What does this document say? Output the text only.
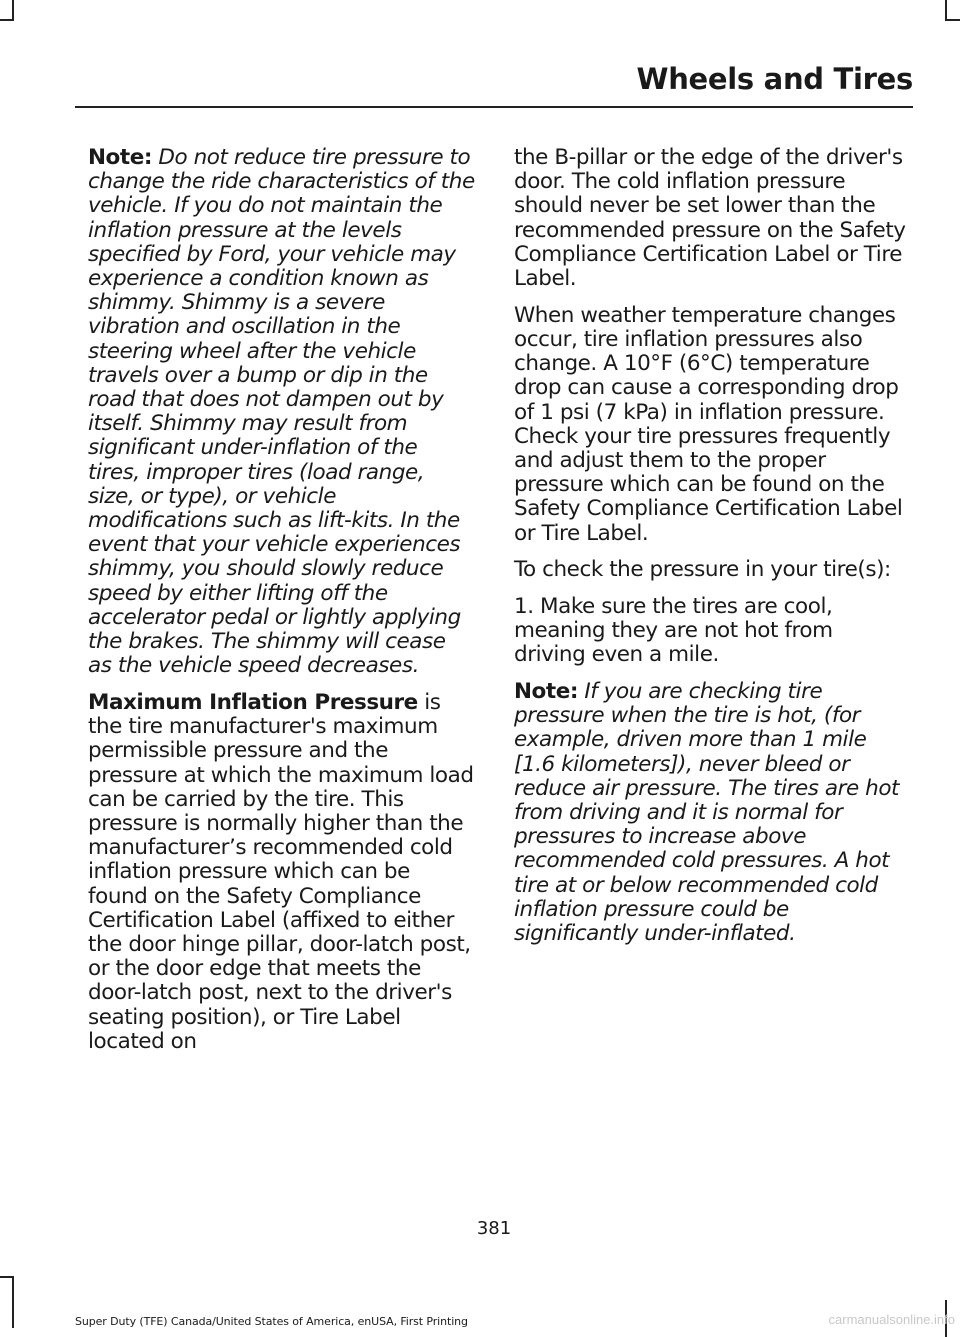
Wheels and Tires

Note: Do not reduce tire pressure to change the ride characteristics of the vehicle. If you do not maintain the inflation pressure at the levels specified by Ford, your vehicle may experience a condition known as shimmy. Shimmy is a severe vibration and oscillation in the steering wheel after the vehicle travels over a bump or dip in the road that does not dampen out by itself. Shimmy may result from significant under-inflation of the tires, improper tires (load range, size, or type), or vehicle modifications such as lift-kits. In the event that your vehicle experiences shimmy, you should slowly reduce speed by either lifting off the accelerator pedal or lightly applying the brakes. The shimmy will cease as the vehicle speed decreases.

Maximum Inflation Pressure is the tire manufacturer's maximum permissible pressure and the pressure at which the maximum load can be carried by the tire. This pressure is normally higher than the manufacturer’s recommended cold inflation pressure which can be found on the Safety Compliance Certification Label (affixed to either the door hinge pillar, door-latch post, or the door edge that meets the door-latch post, next to the driver's seating position), or Tire Label located on

the B-pillar or the edge of the driver's door. The cold inflation pressure should never be set lower than the recommended pressure on the Safety Compliance Certification Label or Tire Label.

When weather temperature changes occur, tire inflation pressures also change. A 10°F (6°C) temperature drop can cause a corresponding drop of 1 psi (7 kPa) in inflation pressure. Check your tire pressures frequently and adjust them to the proper pressure which can be found on the Safety Compliance Certification Label or Tire Label.

To check the pressure in your tire(s):

1. Make sure the tires are cool, meaning they are not hot from driving even a mile.

Note: If you are checking tire pressure when the tire is hot, (for example, driven more than 1 mile [1.6 kilometers]), never bleed or reduce air pressure. The tires are hot from driving and it is normal for pressures to increase above recommended cold pressures. A hot tire at or below recommended cold inflation pressure could be significantly under-inflated.

381
Super Duty (TFE) Canada/United States of America, enUSA, First Printing	carmanualsonline.info
